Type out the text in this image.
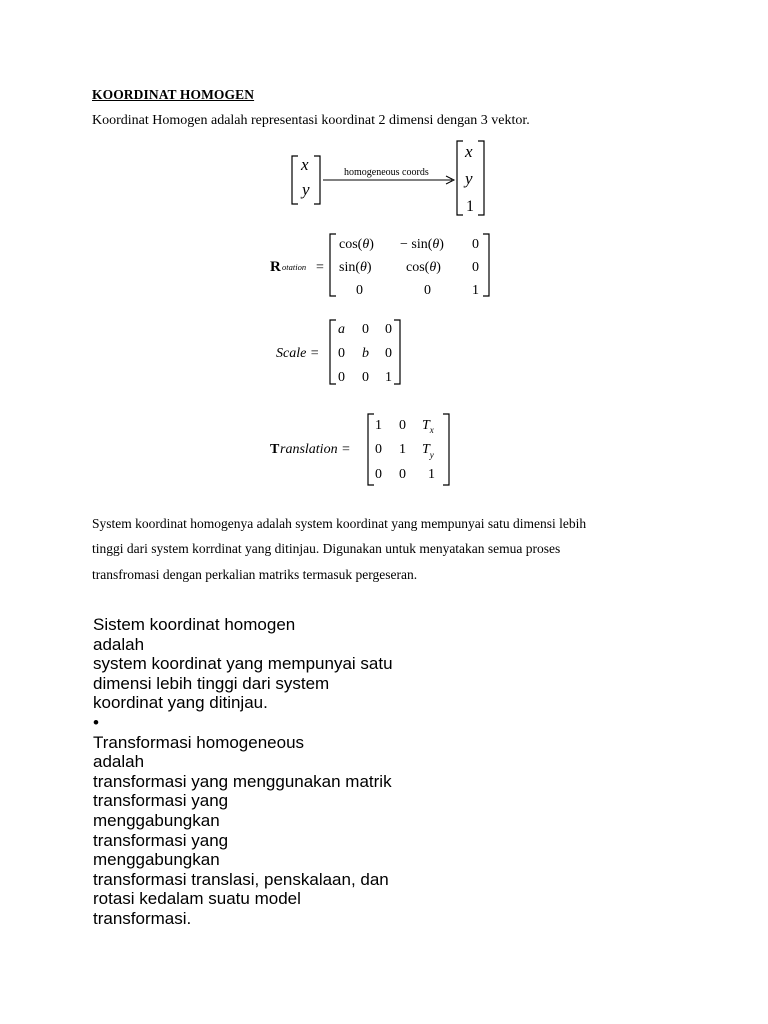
KOORDINAT HOMOGEN
Koordinat Homogen adalah representasi koordinat 2 dimensi dengan 3 vektor.
x
y
homogeneous coords
x
y
1
R otation =
cos(θ) − sin(θ) 0
sin(θ) cos(θ) 0
0	0	1
Scale =
a 0 0
0 b 0
0 0 1
T ranslation =
1 0 $T_x$
0 1 $T_y$
0 0 1
System koordinat homogenya adalah system koordinat yang mempunyai satu dimensi lebih
tinggi dari system korrdinat yang ditinjau. Digunakan untuk menyatakan semua proses
transfromasi dengan perkalian matriks termasuk pergeseran.
Sistem koordinat homogen
adalah
system koordinat yang mempunyai satu
dimensi lebih tinggi dari system
koordinat yang ditinjau.
•
Transformasi homogeneous
adalah
transformasi yang menggunakan matrik
transformasi yang
menggabungkan
transformasi yang
menggabungkan
transformasi translasi, penskalaan, dan
rotasi kedalam suatu model
transformasi.
